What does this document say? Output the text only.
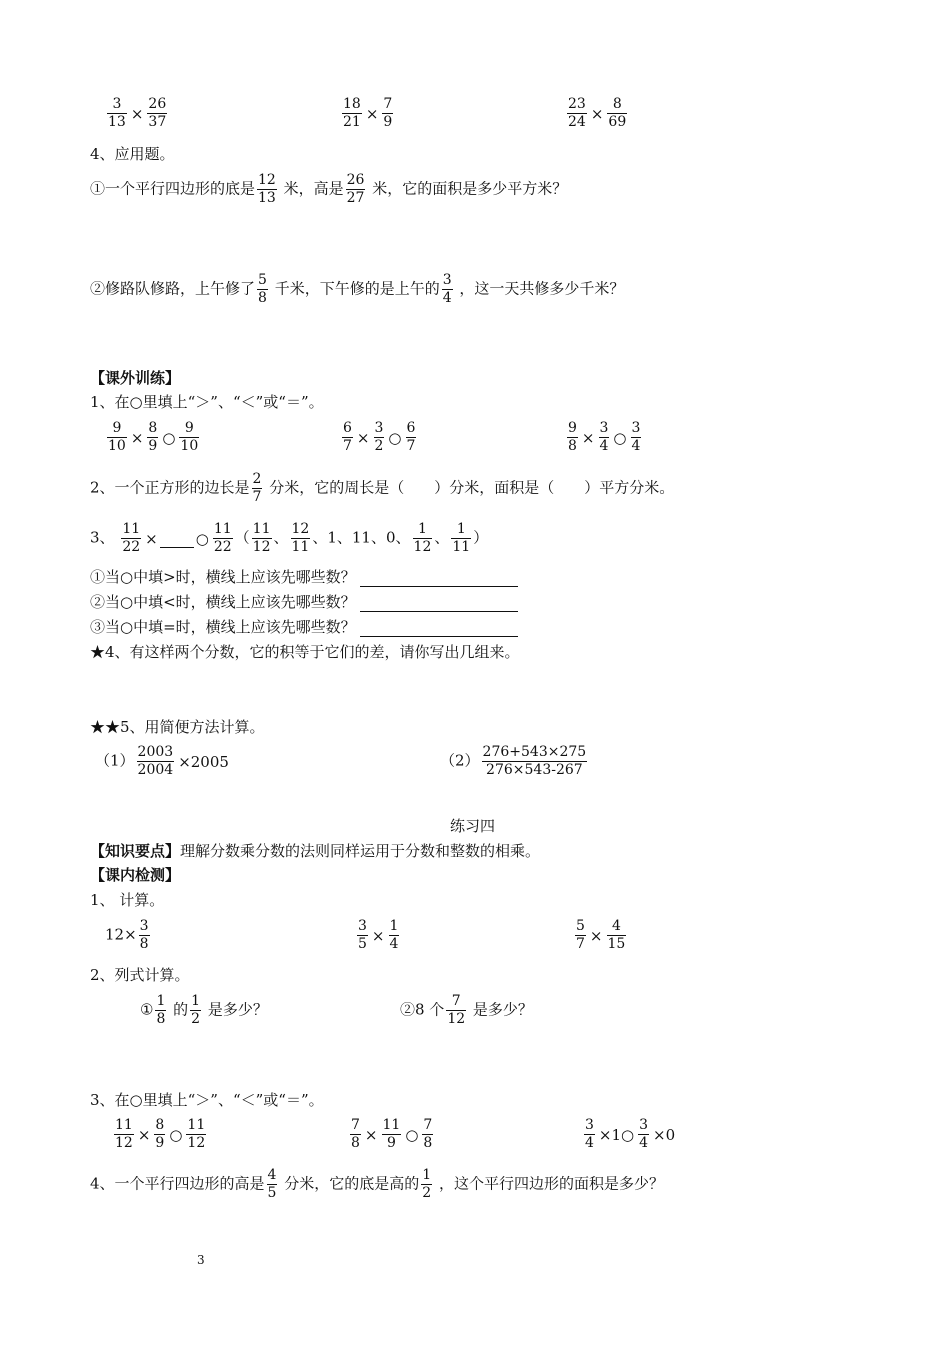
$\frac{3}{13} \times \frac{26}{37}$	$\frac{18}{21} \times \frac{7}{9}$	$\frac{23}{24} \times \frac{8}{69}$
4、应用题。
①一个平行四边形的底是 $\frac{12}{13}$ 米，高是 $\frac{26}{27}$ 米，它的面积是多少平方米？
②修路队修路，上午修了 $\frac{5}{8}$ 千米，下午修的是上午的 $\frac{3}{4}$ ，这一天共修多少千米？
【课外训练】
1、在○里填上“＞”、“＜”或“＝”。
$\frac{9}{10} \times \frac{8}{9}$ ○ $\frac{9}{10}$	$\frac{6}{7} \times \frac{3}{2}$ ○ $\frac{6}{7}$	$\frac{9}{8} \times \frac{3}{4}$ ○ $\frac{3}{4}$
2、一个正方形的边长是 $\frac{2}{7}$ 分米，它的周长是（　　）分米，面积是（　　）平方分米。
3、 $\frac{11}{22}$ ×	○ $\frac{11}{22}$ （ $\frac{11}{12}$ 、 $\frac{12}{11}$ 、1、11、0、 $\frac{1}{12}$ 、 $\frac{1}{11}$ ）
①当○中填>时，横线上应该先哪些数？
②当○中填<时，横线上应该先哪些数？
③当○中填=时，横线上应该先哪些数？
★4、有这样两个分数，它的积等于它们的差，请你写出几组来。
★★5、用简便方法计算。
$(1) \frac{2003}{2004} \times 2005$	$(2) \frac{276+543\times 275}{276\times 543-267}$
练习四
【知识要点】理解分数乘分数的法则同样运用于分数和整数的相乘。
【课内检测】
1、 计算。
$12\times \frac{3}{8}$	$\frac{3}{5} \times \frac{1}{4}$	$\frac{5}{7} \times \frac{4}{15}$
2、列式计算。
① $\frac{1}{8}$ 的 $\frac{1}{2}$ 是多少？	②8 个 $\frac{7}{12}$ 是多少？
3、在○里填上“＞”、“＜”或“＝”。
$\frac{11}{12} \times \frac{8}{9}$ ○ $\frac{11}{12}$	$\frac{7}{8} \times \frac{11}{9}$ ○ $\frac{7}{8}$	$\frac{3}{4}$ ×1○ $\frac{3}{4} \times 0$
4、一个平行四边形的高是 $\frac{4}{5}$ 分米，它的底是高的 $\frac{1}{2}$ ，这个平行四边形的面积是多少？
3
